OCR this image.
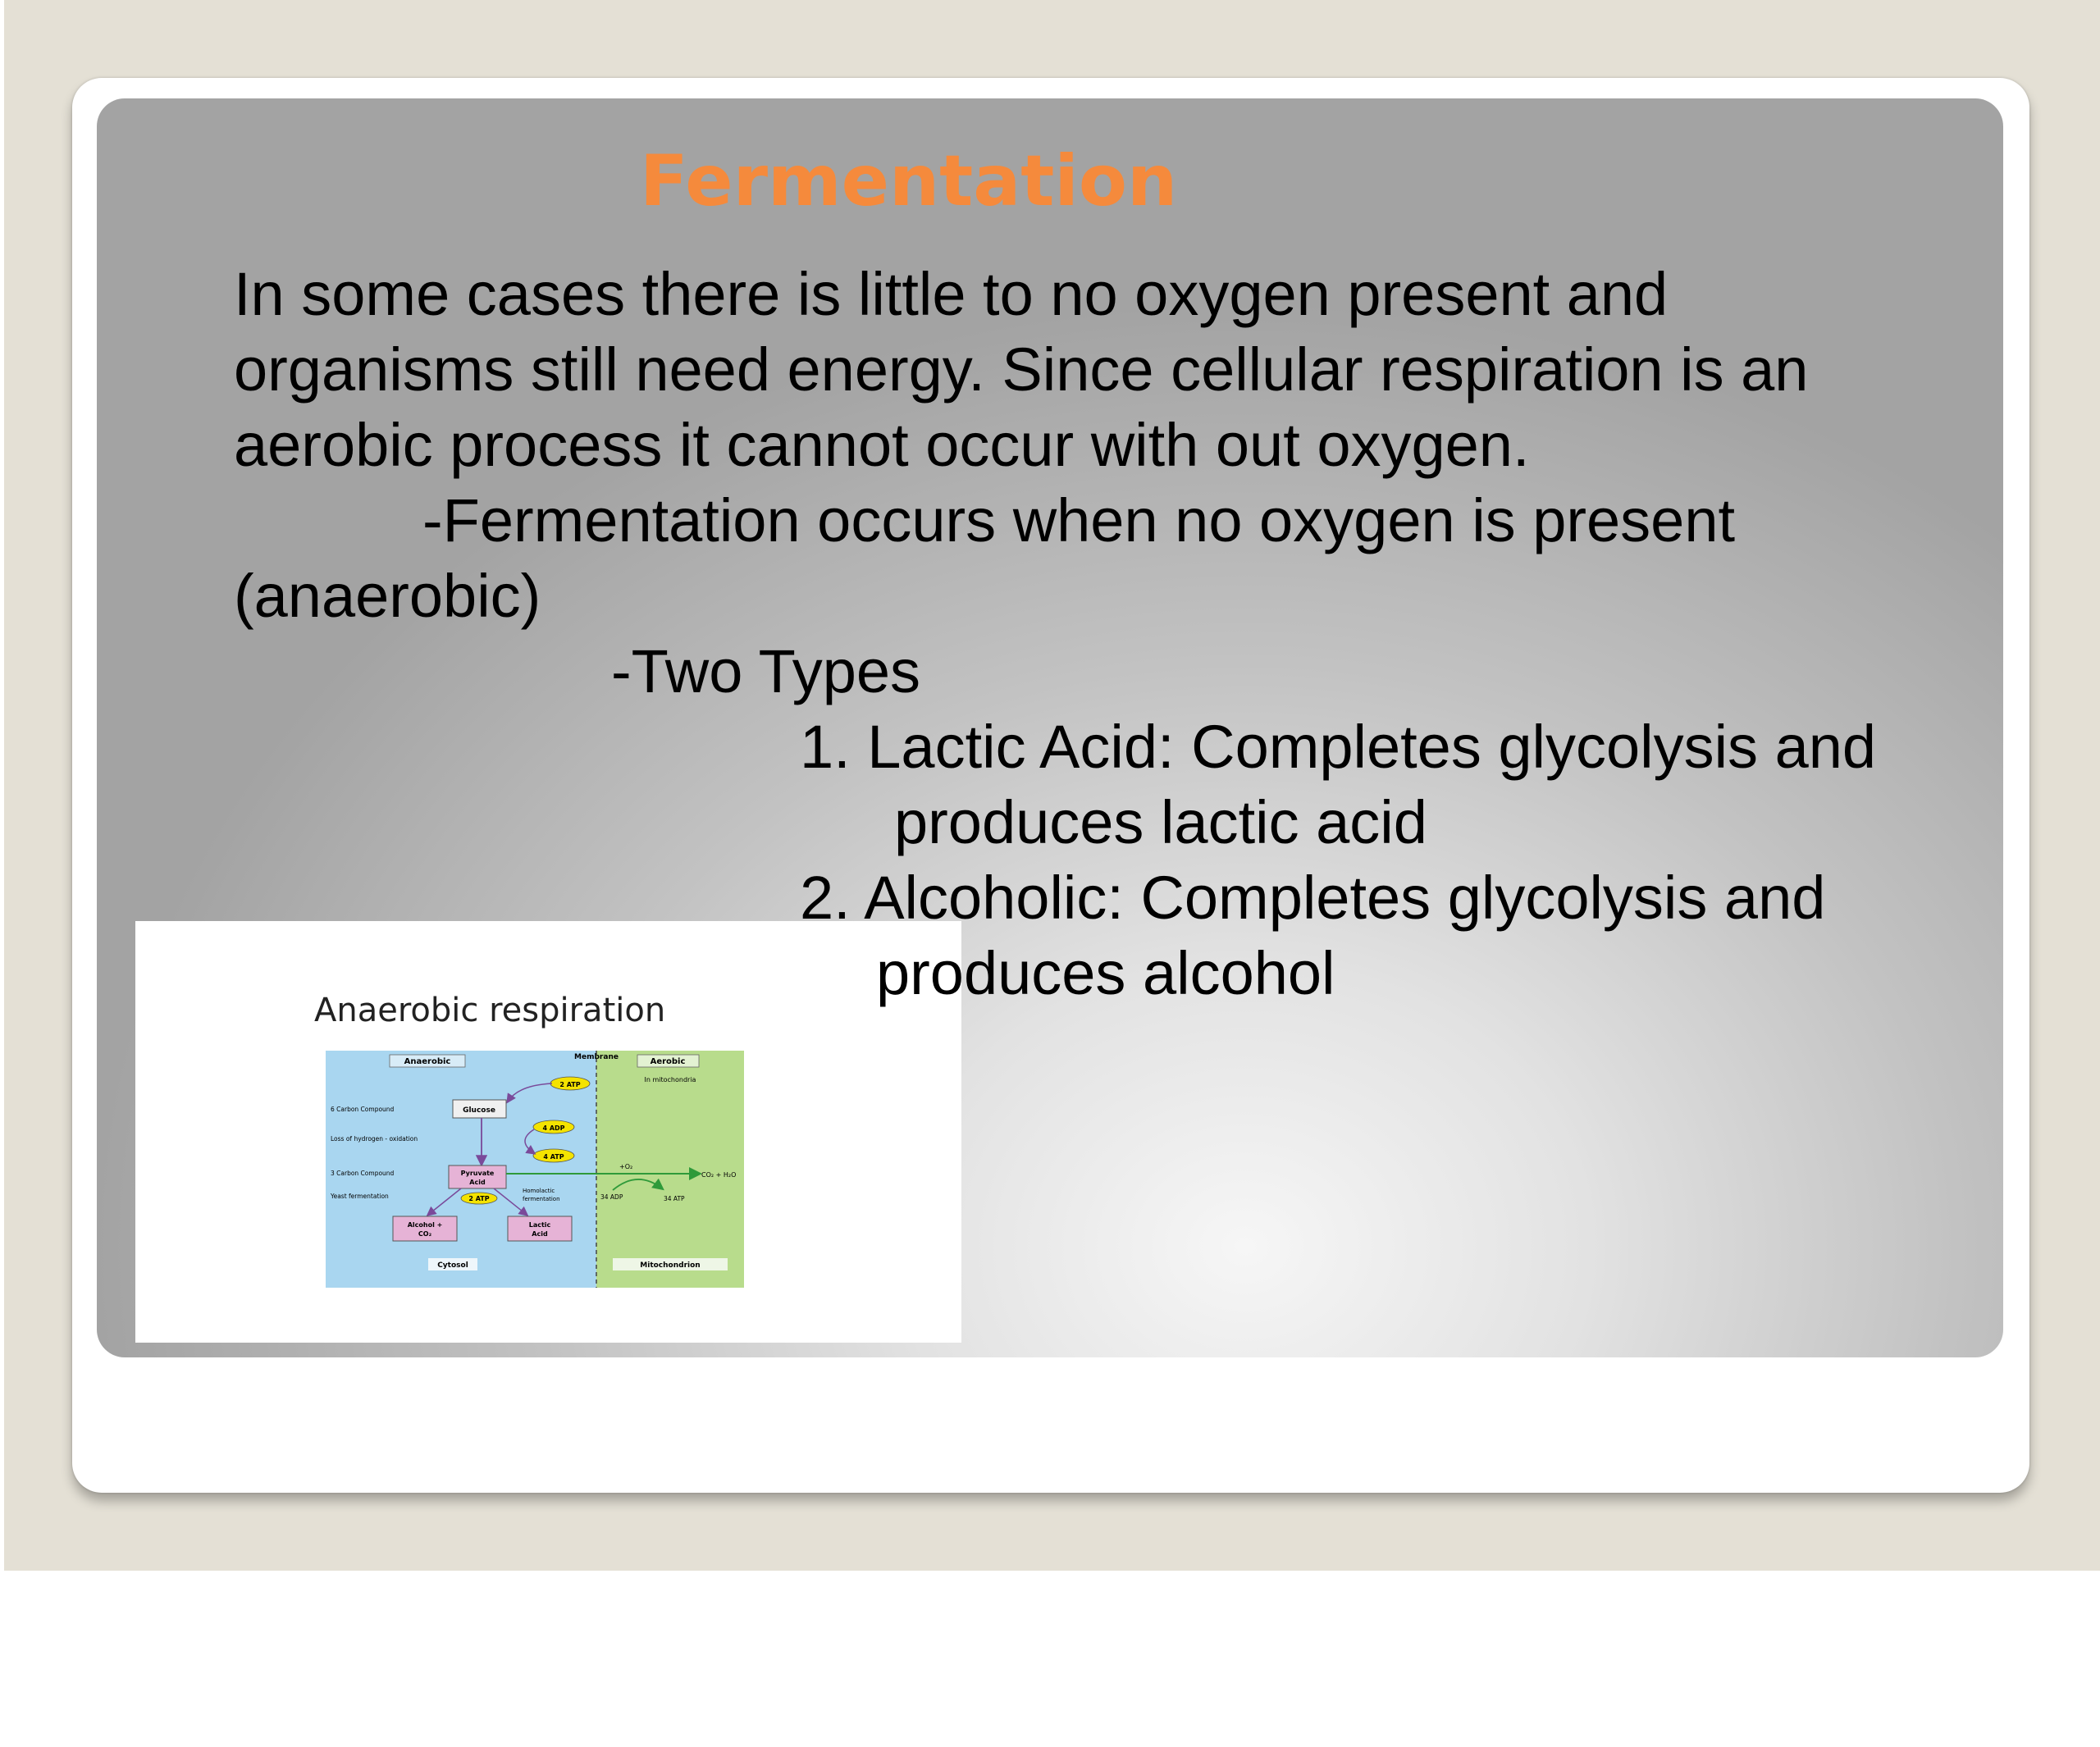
Fermentation

In some cases there is little to no oxygen present and

organisms still need energy. Since cellular respiration is an

aerobic process it cannot occur with out oxygen.

-Fermentation occurs when no oxygen is present

(anaerobic)

-Two Types

1. Lactic Acid: Completes glycolysis and

produces lactic acid

Anaerobic respiration
Anaerobic	Membrane	Aerobic
In mitochondria
6 Carbon Compound
Loss of hydrogen - oxidation
3 Carbon Compound
Yeast fermentation
Glucose
2 ATP
4 ADP
4 ATP
Pyruvate
Acid
2 ATP
Homolactic
fermentation
+O₂
CO₂ + H₂O
34 ADP	34 ATP
Alcohol +
CO₂
Lactic
Acid
Cytosol	Mitochondrion

2. Alcoholic: Completes glycolysis and

produces alcohol
